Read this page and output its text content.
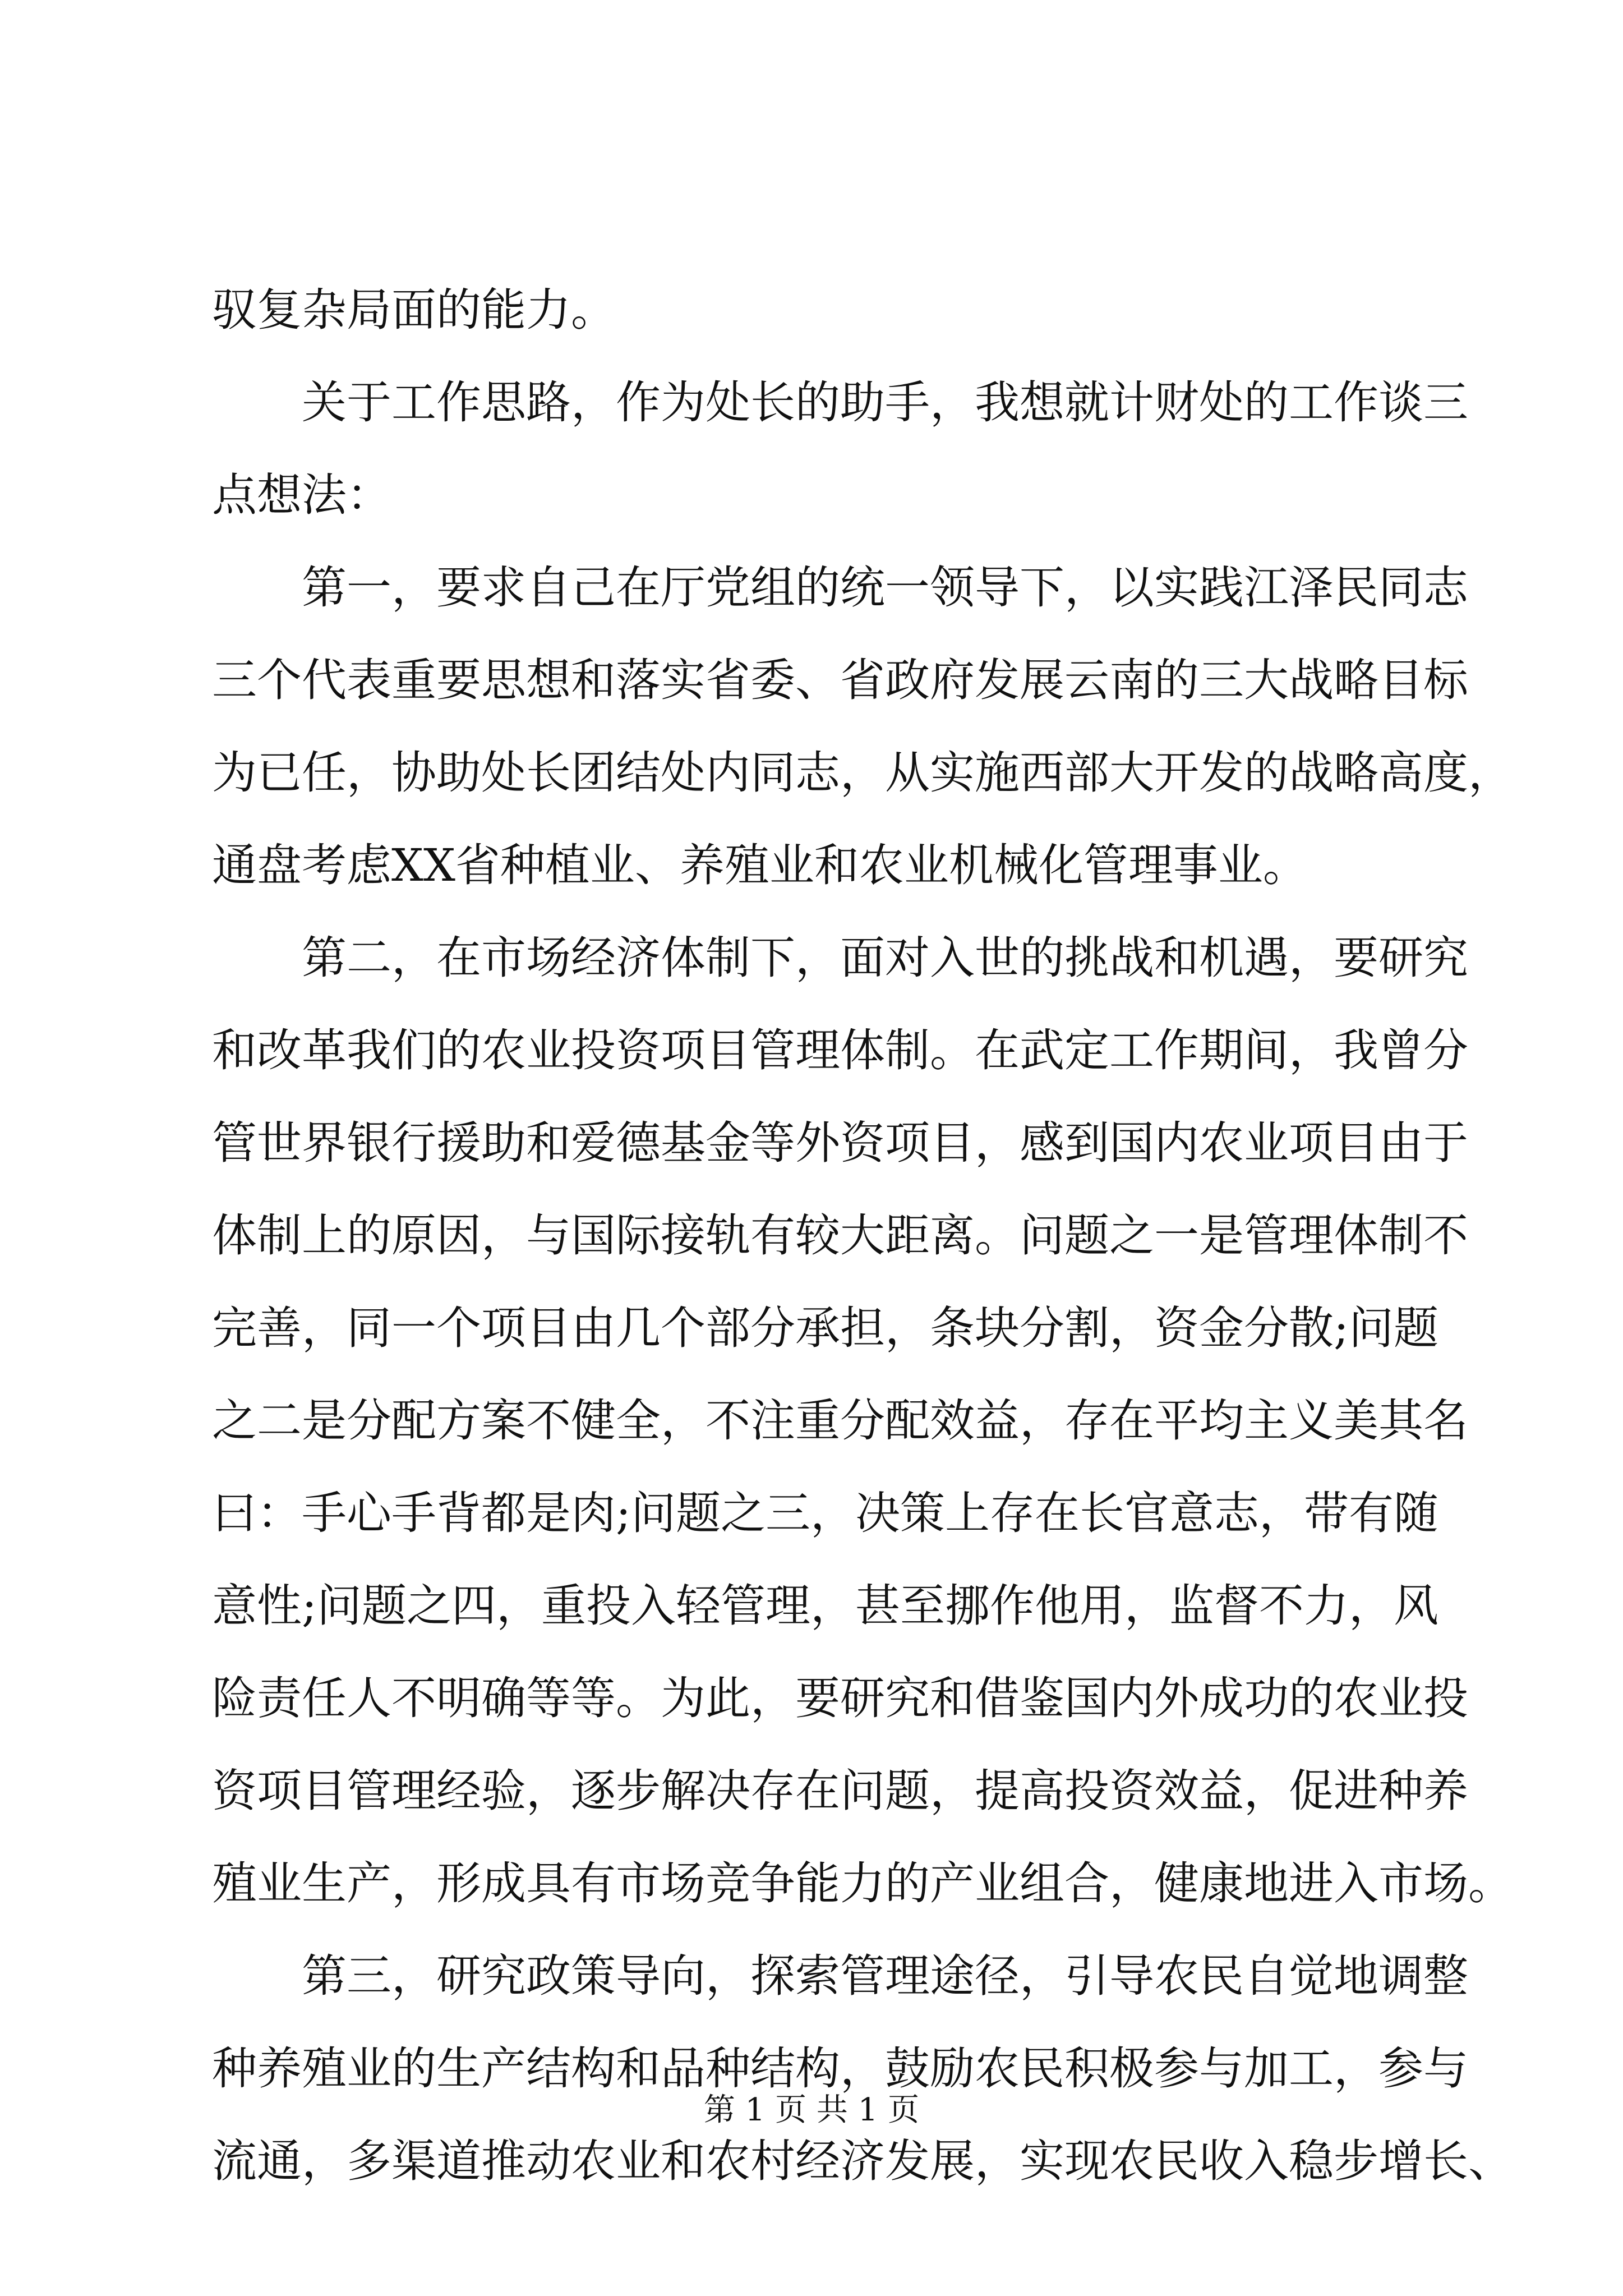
驭复杂局面的能力。
　　关于工作思路，作为处长的助手，我想就计财处的工作谈三
点想法：
　　第一，要求自己在厅党组的统一领导下，以实践江泽民同志
三个代表重要思想和落实省委、省政府发展云南的三大战略目标
为已任，协助处长团结处内同志，从实施西部大开发的战略高度，
通盘考虑XX省种植业、养殖业和农业机械化管理事业。
　　第二，在市场经济体制下，面对入世的挑战和机遇，要研究
和改革我们的农业投资项目管理体制。在武定工作期间，我曾分
管世界银行援助和爱德基金等外资项目，感到国内农业项目由于
体制上的原因，与国际接轨有较大距离。问题之一是管理体制不
完善，同一个项目由几个部分承担，条块分割，资金分散;问题
之二是分配方案不健全，不注重分配效益，存在平均主义美其名
曰：手心手背都是肉;问题之三，决策上存在长官意志，带有随
意性;问题之四，重投入轻管理，甚至挪作他用，监督不力，风
险责任人不明确等等。为此，要研究和借鉴国内外成功的农业投
资项目管理经验，逐步解决存在问题，提高投资效益，促进种养
殖业生产，形成具有市场竞争能力的产业组合，健康地进入市场。
　　第三，研究政策导向，探索管理途径，引导农民自觉地调整
种养殖业的生产结构和品种结构，鼓励农民积极参与加工，参与
流通，多渠道推动农业和农村经济发展，实现农民收入稳步增长、
第 1 页 共 1 页
